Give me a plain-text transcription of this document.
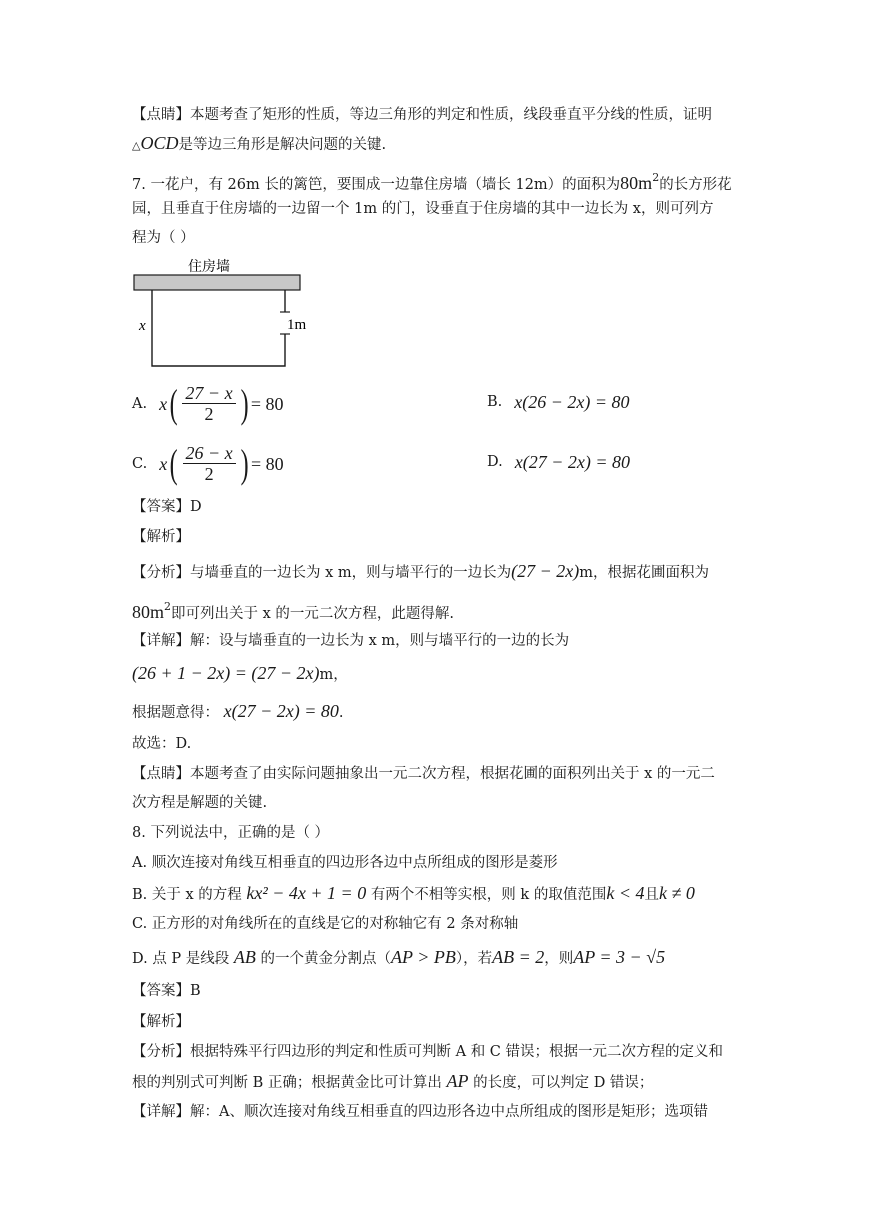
【点睛】本题考查了矩形的性质，等边三角形的判定和性质，线段垂直平分线的性质，证明
△OCD是等边三角形是解决问题的关键.
7. 一花户，有 26m 长的篱笆，要围成一边靠住房墙（墙长 12m）的面积为$80m^2$的长方形花
园，且垂直于住房墙的一边留一个 1m 的门，设垂直于住房墙的其中一边长为 x，则可列方
程为（ ）
住房墙
x	1m
A. x ( $\frac{27 - x}{2}$ ) = 80	B. x(26 − 2x) = 80
C. x ( $\frac{26 - x}{2}$ ) = 80	D. x(27 − 2x) = 80
【答案】D
【解析】
【分析】与墙垂直的一边长为 x m，则与墙平行的一边长为(27 − 2x)m，根据花圃面积为
$80m^2$即可列出关于 x 的一元二次方程，此题得解.
【详解】解：设与墙垂直的一边长为 x m，则与墙平行的一边的长为
(26 + 1 − 2x) = (27 − 2x)m，
根据题意得： x(27 − 2x) = 80.
故选：D.
【点睛】本题考查了由实际问题抽象出一元二次方程，根据花圃的面积列出关于 x 的一元二
次方程是解题的关键.
8. 下列说法中，正确的是（ ）
A. 顺次连接对角线互相垂直的四边形各边中点所组成的图形是菱形
B. 关于 x 的方程 kx² − 4x + 1 = 0 有两个不相等实根，则 k 的取值范围k < 4且k ≠ 0
C. 正方形的对角线所在的直线是它的对称轴它有 2 条对称轴
D. 点 P 是线段 AB 的一个黄金分割点（AP > PB），若AB = 2，则AP = 3 − √5
【答案】B
【解析】
【分析】根据特殊平行四边形的判定和性质可判断 A 和 C 错误；根据一元二次方程的定义和
根的判别式可判断 B 正确；根据黄金比可计算出 AP 的长度，可以判定 D 错误；
【详解】解：A、顺次连接对角线互相垂直的四边形各边中点所组成的图形是矩形；选项错
